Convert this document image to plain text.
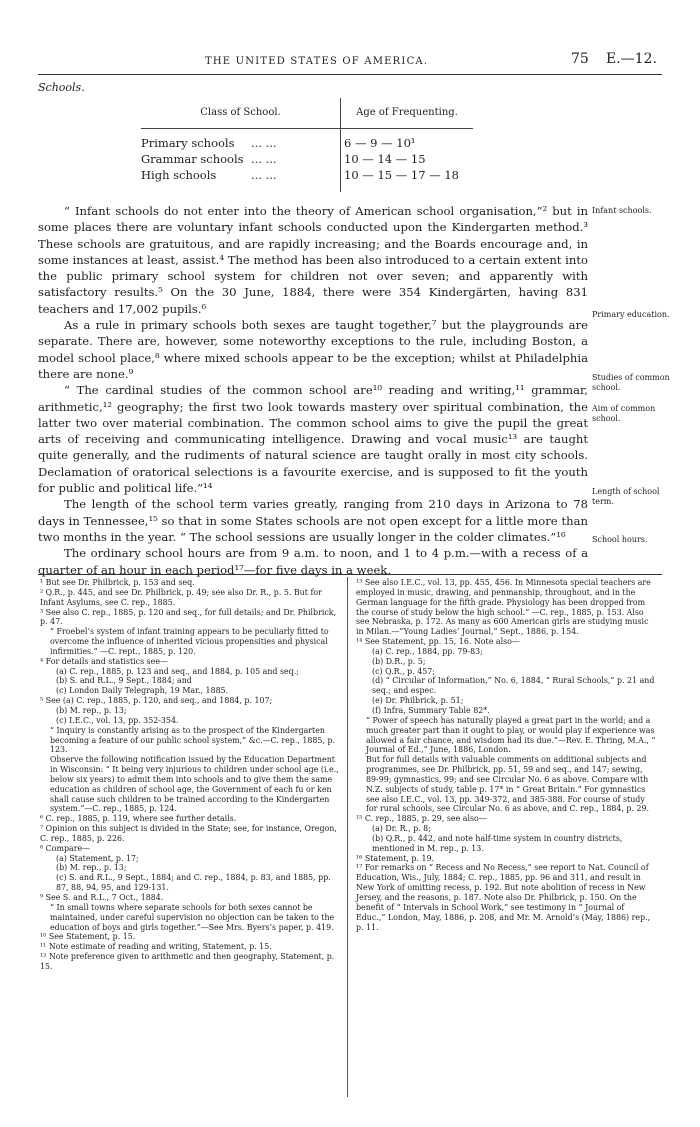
THE UNITED STATES OF AMERICA.	75 E.—12.
Schools.
Class of School.	Age of Frequenting.
Primary schools ... ...	6 — 9 — 10¹
Grammar schools ... ...	10 — 14 — 15
High schools	... ...	10 — 15 — 17 — 18

“ Infant schools do not enter into the theory of American school organisation,”² but in some places there are voluntary infant schools conducted upon the Kindergarten method.³ These schools are gratuitous, and are rapidly increasing; and the Boards encourage and, in some instances at least, assist.⁴ The method has been also introduced to a certain extent into the public primary school system for children not over seven; and apparently with satisfactory results.⁵ On the 30 June, 1884, there were 354 Kindergärten, having 831 teachers and 17,002 pupils.⁶

As a rule in primary schools both sexes are taught together,⁷ but the playgrounds are separate. There are, however, some noteworthy exceptions to the rule, including Boston, a model school place,⁸ where mixed schools appear to be the exception; whilst at Philadelphia there are none.⁹

“ The cardinal studies of the common school are¹⁰ reading and writing,¹¹ grammar, arithmetic,¹² geography; the first two look towards mastery over spiritual combination, the latter two over material combination. The common school aims to give the pupil the great arts of receiving and communicating intelligence. Drawing and vocal music¹³ are taught quite generally, and the rudiments of natural science are taught orally in most city schools. Declamation of oratorical selections is a favourite exercise, and is supposed to fit the youth for public and political life.”¹⁴

The length of the school term varies greatly, ranging from 210 days in Arizona to 78 days in Tennessee,¹⁵ so that in some States schools are not open except for a little more than two months in the year. “ The school sessions are usually longer in the colder climates.”¹⁶

The ordinary school hours are from 9 a.m. to noon, and 1 to 4 p.m.—with a recess of a quarter of an hour in each period¹⁷—for five days in a week.

Infant schools.
Primary education.
Studies of common school.
Aim of common school.
Length of school term.
School hours.

¹ But see Dr. Philbrick, p. 153 and seq.

² Q.R., p. 445, and see Dr. Philbrick, p. 49; see also Dr. R., p. 5. But for Infant Asylums, see C. rep., 1885.

³ See also C. rep., 1885, p. 120 and seq., for full details; and Dr. Philbrick, p. 47.

“ Froebel’s system of infant training appears to be peculiarly fitted to overcome the influence of inherited vicious propensities and physical infirmities.” —C. rept., 1885, p. 120.

⁴ For details and statistics see—

(a) C. rep., 1885, p. 123 and seq., and 1884, p. 105 and seq.;

(b) S. and R.L., 9 Sept., 1884; and

(c) London Daily Telegraph, 19 Mar., 1885.

⁵ See (a) C. rep., 1885, p. 120, and seq., and 1884, p. 107;

(b) M. rep., p. 13;

(c) I.E.C., vol. 13, pp. 352-354.

“ Inquiry is constantly arising as to the prospect of the Kindergarten becoming a feature of our public school system,” &c.—C. rep., 1885, p. 123.

Observe the following notification issued by the Education Department in Wisconsin: “ It being very injurious to children under school age (i.e., below six years) to admit them into schools and to give them the same education as children of school age, the Government of each fu or ken shall cause such children to be trained according to the Kindergarten system.”—C. rep., 1885, p. 124.

⁶ C. rep., 1885, p. 119, where see further details.

⁷ Opinion on this subject is divided in the State; see, for instance, Oregon, C. rep., 1885, p. 226.

⁸ Compare—

(a) Statement, p. 17;

(b) M. rep., p. 13;

(c) S. and R.L., 9 Sept., 1884; and C. rep., 1884, p. 83, and 1885, pp. 87, 88, 94, 95, and 129-131.

⁹ See S. and R.L., 7 Oct., 1884.

“ In small towns where separate schools for both sexes cannot be maintained, under careful supervision no objection can be taken to the education of boys and girls together.”—See Mrs. Byers’s paper, p. 419.

¹⁰ See Statement, p. 15.

¹¹ Note estimate of reading and writing, Statement, p. 15.

¹² Note preference given to arithmetic and then geography, Statement, p. 15.

¹³ See also I.E.C., vol. 13, pp. 455, 456. In Minnesota special teachers are employed in music, drawing, and penmanship, throughout, and in the German language for the fifth grade. Physiology has been dropped from the course of study below the high school.” —C. rep., 1885, p. 153. Also see Nebraska, p. 172. As many as 600 American girls are studying music in Milan.—“Young Ladies’ Journal,” Sept., 1886, p. 154.

¹⁴ See Statement, pp. 15, 16. Note also—

(a) C. rep., 1884, pp. 79-83;

(b) D.R., p. 5;

(c) Q.R., p. 457;

(d) “ Circular of Information,” No. 6, 1884, “ Rural Schools,” p. 21 and seq.; and espec.

(e) Dr. Philbrick, p. 51;

(f) Infra, Summary Table 82*.

“ Power of speech has naturally played a great part in the world; and a much greater part than it ought to play, or would play if experience was allowed a fair chance, and wisdom had its due.”—Rev. E. Thring, M.A., “ Journal of Ed.,” June, 1886, London.

But for full details with valuable comments on additional subjects and programmes, see Dr. Philbrick, pp. 51, 59 and seq., and 147; sewing, 89-99; gymnastics, 99; and see Circular No. 6 as above. Compare with N.Z. subjects of study, table p. 17* in “ Great Britain.” For gymnastics see also I.E.C., vol. 13, pp. 349-372, and 385-388. For course of study for rural schools, see Circular No. 6 as above, and C. rep., 1884, p. 29.

¹⁵ C. rep., 1885, p. 29, see also—

(a) Dr. R., p. 8;

(b) Q.R., p. 442, and note half-time system in country districts, mentioned in M. rep., p. 13.

¹⁶ Statement, p. 19.

¹⁷ For remarks on “ Recess and No Recess,” see report to Nat. Council of Education, Wis., July, 1884; C. rep., 1885, pp. 96 and 311, and result in New York of omitting recess, p. 192. But note abolition of recess in New Jersey, and the reasons, p. 187. Note also Dr. Philbrick, p. 150. On the benefit of “ Intervals in School Work,” see testimony in “ Journal of Educ.,” London, May, 1886, p. 208, and Mr. M. Arnold’s (May, 1886) rep., p. 11.
